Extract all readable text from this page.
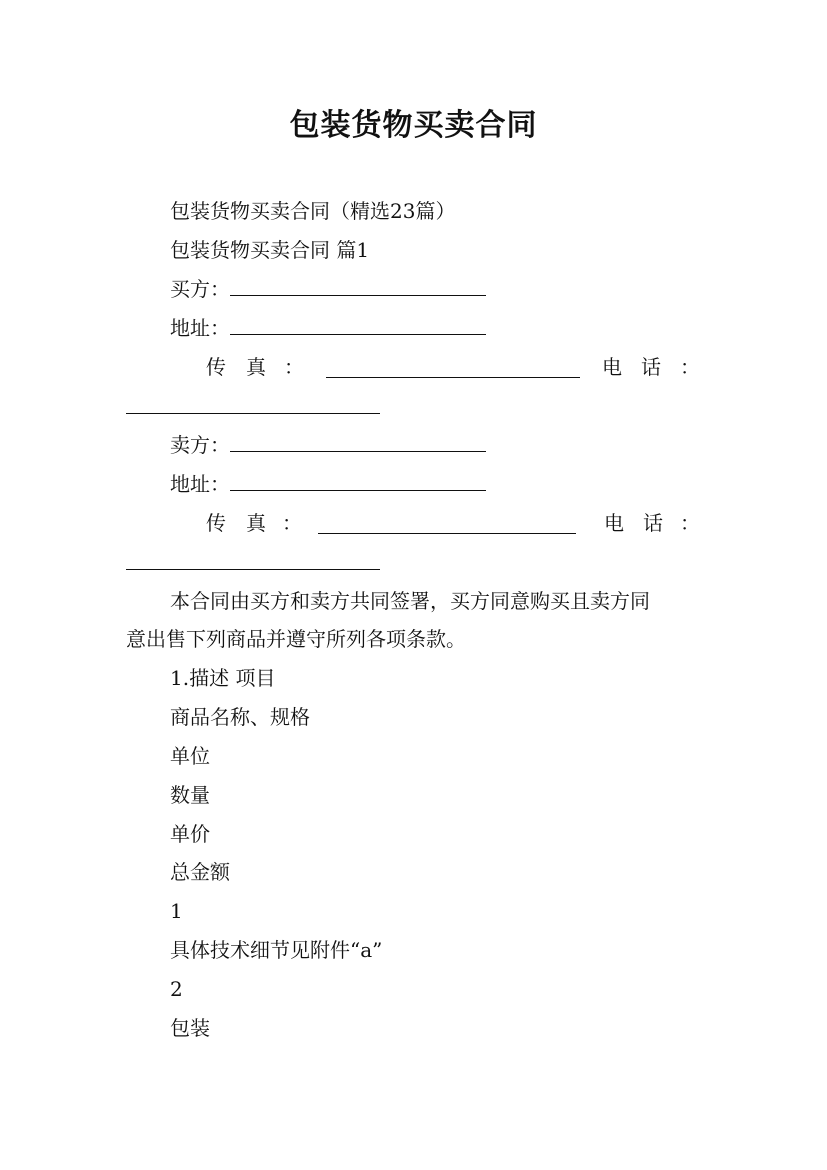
包装货物买卖合同

包装货物买卖合同（精选23篇）

包装货物买卖合同 篇1

买方：
地址：
传 真 ：	电 话 ：
卖方：
地址：
传 真 ：	电 话 ：

本合同由买方和卖方共同签署，买方同意购买且卖方同

意出售下列商品并遵守所列各项条款。

1.描述 项目

商品名称、规格

单位

数量

单价

总金额

1

具体技术细节见附件“a”

2

包装
